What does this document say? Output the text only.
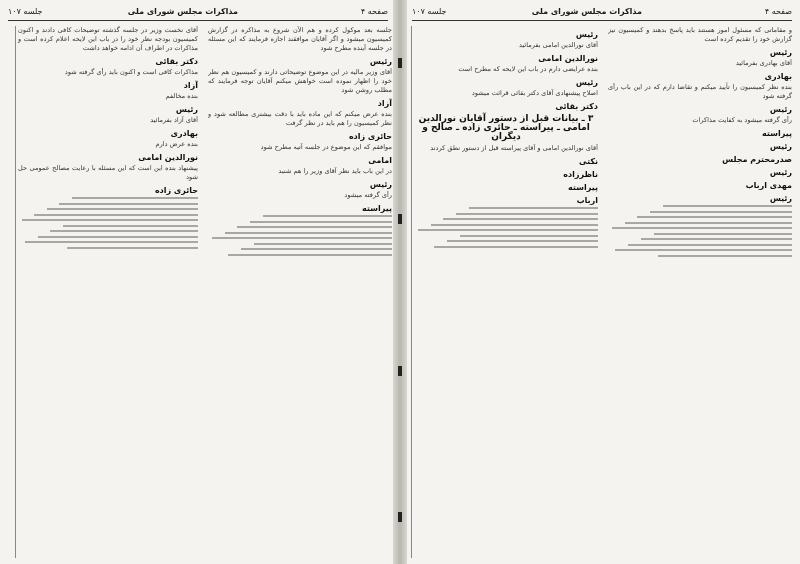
صفحه ۴
مذاکرات مجلس شورای ملی
جلسه ۱۰۷

جلسه بعد موکول کرده و هم الآن شروع به مذاکره در گزارش کمیسیون میشود و اگر آقایان موافقند اجازه فرمایند که این مسئله در جلسه آینده مطرح شود

رئیس

آقای وزیر مالیه در این موضوع توضیحاتی دارند و کمیسیون هم نظر خود را اظهار نموده است خواهش میکنم آقایان توجه فرمایند که مطلب روشن شود

آزاد

بنده عرض میکنم که این ماده باید با دقت بیشتری مطالعه شود و نظر کمیسیون را هم باید در نظر گرفت

حائری زاده

موافقم که این موضوع در جلسه آتیه مطرح شود

امامی

در این باب باید نظر آقای وزیر را هم شنید

رئیس

رأی گرفته میشود

پیراسته

آقای نخست وزیر در جلسه گذشته توضیحات کافی دادند و اکنون کمیسیون بودجه نظر خود را در باب این لایحه اعلام کرده است و مذاکرات در اطراف آن ادامه خواهد داشت

دکتر بقائی

مذاکرات کافی است و اکنون باید رأی گرفته شود

آزاد

بنده مخالفم

رئیس

آقای آزاد بفرمائید

بهادری

بنده عرض دارم

نورالدین امامی

پیشنهاد بنده این است که این مسئله با رعایت مصالح عمومی حل شود

حائری زاده
صفحه ۴
مذاکرات مجلس شورای ملی
جلسه ۱۰۷

و مقاماتی که مسئول امور هستند باید پاسخ بدهند و کمیسیون نیز گزارش خود را تقدیم کرده است

رئیس

آقای بهادری بفرمائید

بهادری

بنده نظر کمیسیون را تأیید میکنم و تقاضا دارم که در این باب رأی گرفته شود

رئیس

رأی گرفته میشود به کفایت مذاکرات

پیراسته
رئیس
صدرمحترم مجلس
رئیس
مهدی ارباب
رئیس
رئیس

آقای نورالدین امامی بفرمائید

نورالدین امامی

بنده عرایضی دارم در باب این لایحه که مطرح است

رئیس

اصلاح پیشنهادی آقای دکتر بقائی قرائت میشود

دکتر بقائی
۳ ـ بیانات قبل از دستور آقایان نورالدین امامی ـ پیراسته ـ حائری زاده ـ صالح و دیگران

آقای نورالدین امامی و آقای پیراسته قبل از دستور نطق کردند

نکتی
ناظرزاده
پیراسته
ارباب
